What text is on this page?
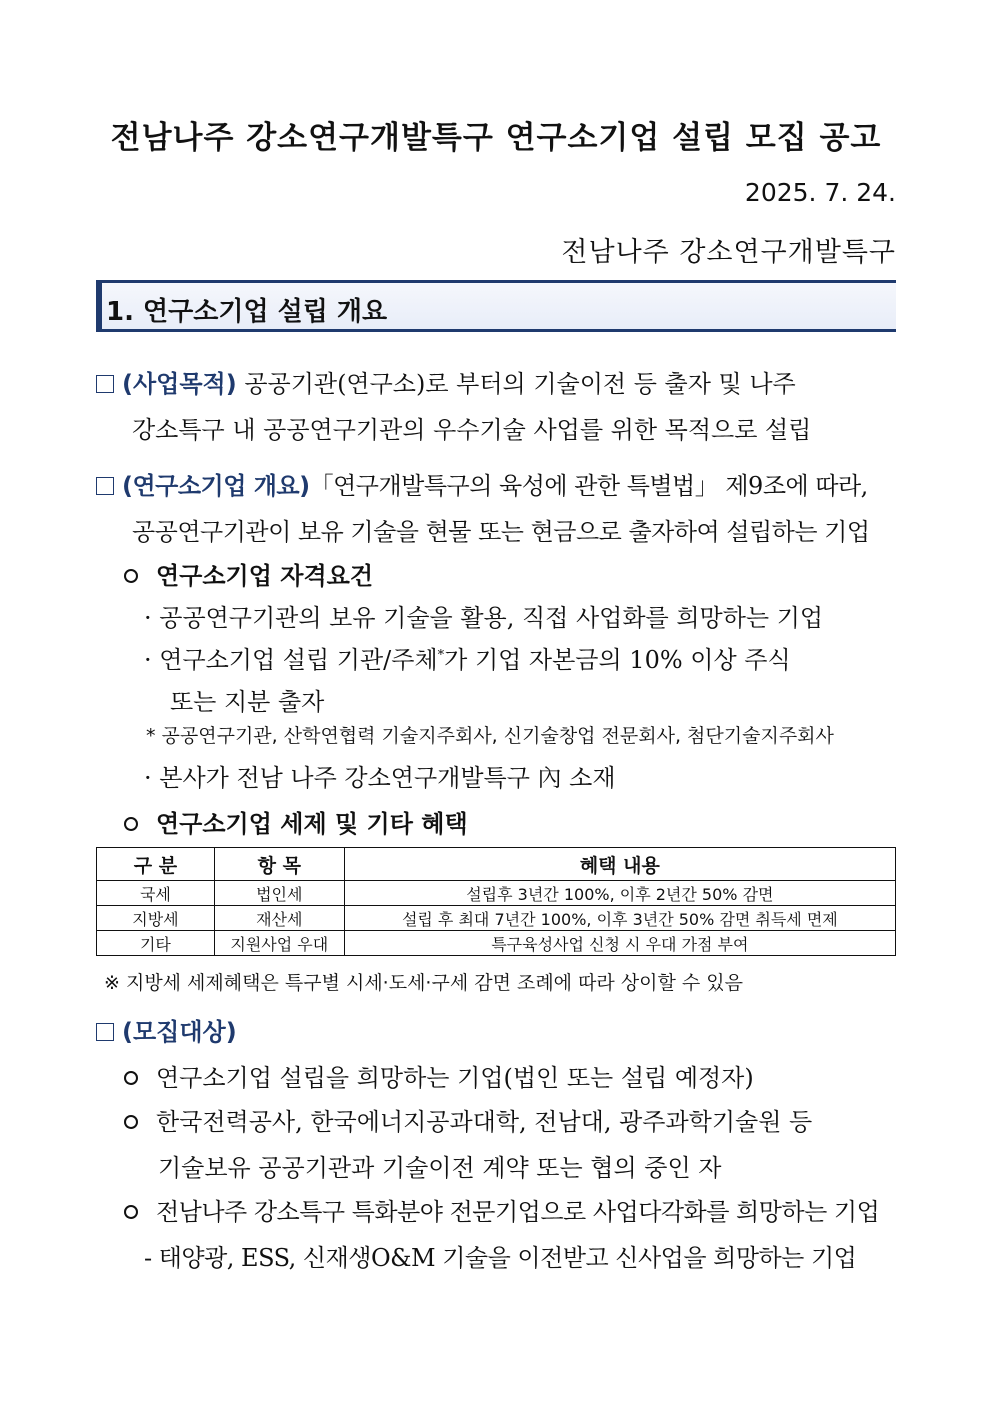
전남나주 강소연구개발특구 연구소기업 설립 모집 공고
2025. 7. 24.
전남나주 강소연구개발특구
1. 연구소기업 설립 개요
(사업목적) 공공기관(연구소)로 부터의 기술이전 등 출자 및 나주
강소특구 내 공공연구기관의 우수기술 사업를 위한 목적으로 설립
(연구소기업 개요)「연구개발특구의 육성에 관한 특별법」 제9조에 따라,
공공연구기관이 보유 기술을 현물 또는 현금으로 출자하여 설립하는 기업
연구소기업 자격요건
· 공공연구기관의 보유 기술을 활용, 직접 사업화를 희망하는 기업
· 연구소기업 설립 기관/주체*가 기업 자본금의 10% 이상 주식
또는 지분 출자
* 공공연구기관, 산학연협력 기술지주회사, 신기술창업 전문회사, 첨단기술지주회사
· 본사가 전남 나주 강소연구개발특구 內 소재
연구소기업 세제 및 기타 혜택
구 분	항 목	혜택 내용
국세	법인세	설립후 3년간 100%, 이후 2년간 50% 감면
지방세	재산세	설립 후 최대 7년간 100%, 이후 3년간 50% 감면 취득세 면제
기타	지원사업 우대	특구육성사업 신청 시 우대 가점 부여
※ 지방세 세제혜택은 특구별 시세·도세·구세 감면 조례에 따라 상이할 수 있음
(모집대상)
연구소기업 설립을 희망하는 기업(법인 또는 설립 예정자)
한국전력공사, 한국에너지공과대학, 전남대, 광주과학기술원 등
기술보유 공공기관과 기술이전 계약 또는 협의 중인 자
전남나주 강소특구 특화분야 전문기업으로 사업다각화를 희망하는 기업
- 태양광, ESS, 신재생O&M 기술을 이전받고 신사업을 희망하는 기업
